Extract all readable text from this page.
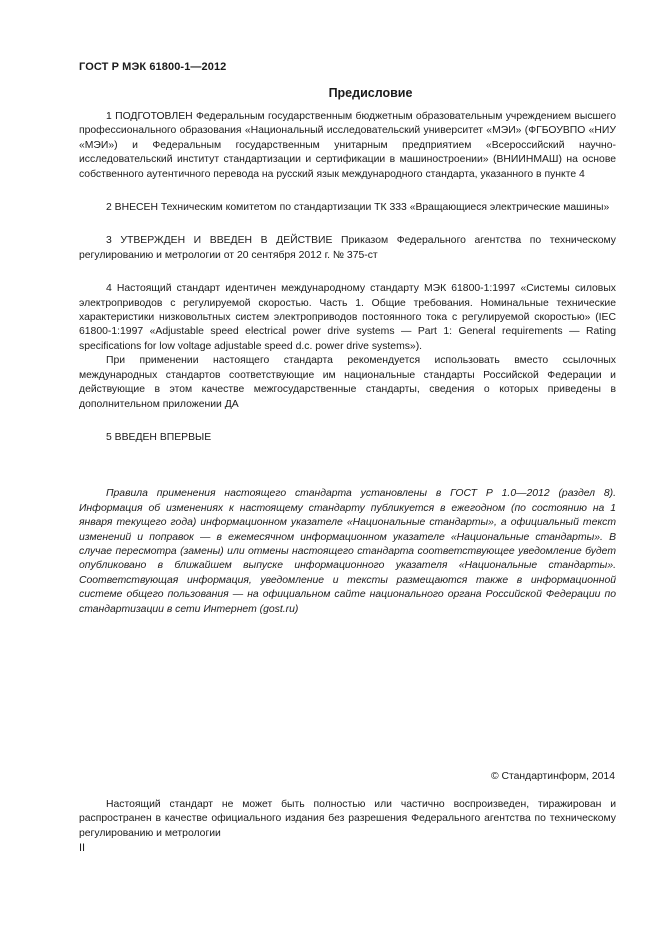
ГОСТ Р МЭК 61800-1—2012
Предисловие

1 ПОДГОТОВЛЕН Федеральным государственным бюджетным образовательным учреждением высшего профессионального образования «Национальный исследовательский университет «МЭИ» (ФГБОУВПО «НИУ «МЭИ») и Федеральным государственным унитарным предприятием «Всероссийский научно-исследовательский институт стандартизации и сертификации в машиностроении» (ВНИИНМАШ) на основе собственного аутентичного перевода на русский язык международного стандарта, указанного в пункте 4

2 ВНЕСЕН Техническим комитетом по стандартизации ТК 333 «Вращающиеся электрические машины»

3 УТВЕРЖДЕН И ВВЕДЕН В ДЕЙСТВИЕ Приказом Федерального агентства по техническому регулированию и метрологии от 20 сентября 2012 г. № 375-ст

4 Настоящий стандарт идентичен международному стандарту МЭК 61800-1:1997 «Системы силовых электроприводов с регулируемой скоростью. Часть 1. Общие требования. Номинальные технические характеристики низковольтных систем электроприводов постоянного тока с регулируемой скоростью» (IEC 61800-1:1997 «Adjustable speed electrical power drive systems — Part 1: General requirements — Rating specifications for low voltage adjustable speed d.c. power drive systems»).

При применении настоящего стандарта рекомендуется использовать вместо ссылочных международных стандартов соответствующие им национальные стандарты Российской Федерации и действующие в этом качестве межгосударственные стандарты, сведения о которых приведены в дополнительном приложении ДА

5 ВВЕДЕН ВПЕРВЫЕ

Правила применения настоящего стандарта установлены в ГОСТ Р 1.0—2012 (раздел 8). Информация об изменениях к настоящему стандарту публикуется в ежегодном (по состоянию на 1 января текущего года) информационном указателе «Национальные стандарты», а официальный текст изменений и поправок — в ежемесячном информационном указателе «Национальные стандарты». В случае пересмотра (замены) или отмены настоящего стандарта соответствующее уведомление будет опубликовано в ближайшем выпуске информационного указателя «Национальные стандарты». Соответствующая информация, уведомление и тексты размещаются также в информационной системе общего пользования — на официальном сайте национального органа Российской Федерации по стандартизации в сети Интернет (gost.ru)

© Стандартинформ, 2014

Настоящий стандарт не может быть полностью или частично воспроизведен, тиражирован и распространен в качестве официального издания без разрешения Федерального агентства по техническому регулированию и метрологии

II
